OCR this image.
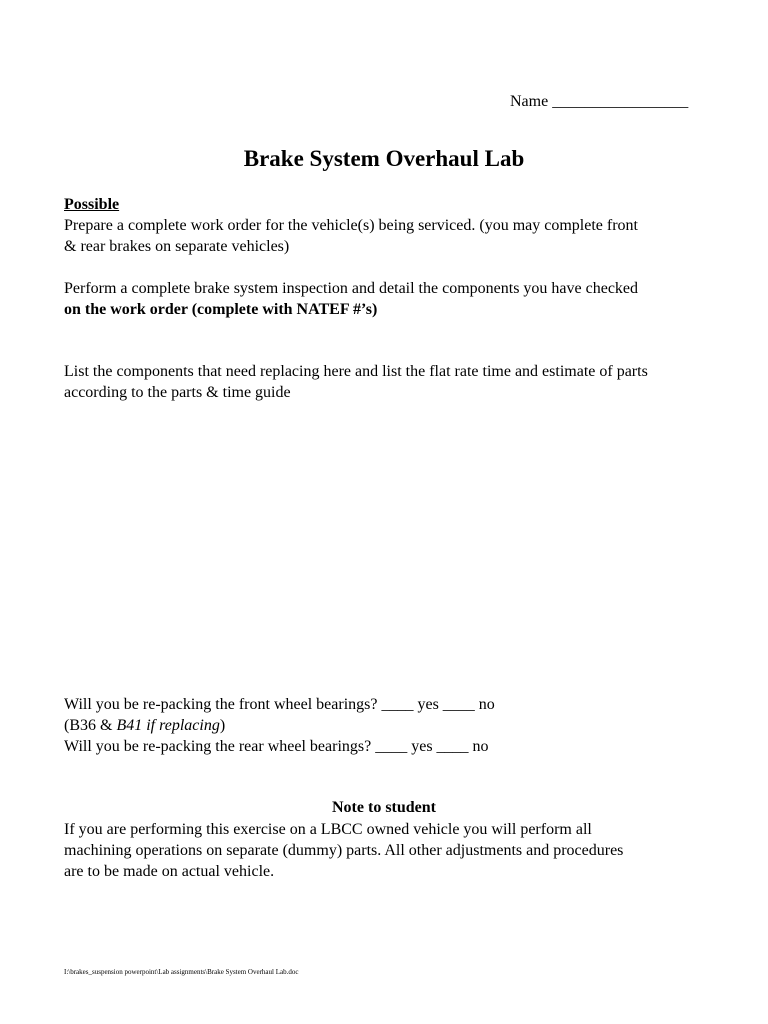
Name _________________
Brake System Overhaul Lab
Possible
Prepare a complete work order for the vehicle(s) being serviced. (you may complete front
& rear brakes on separate vehicles)
Perform a complete brake system inspection and detail the components you have checked
on the work order (complete with NATEF #’s)
List the components that need replacing here and list the flat rate time and estimate of parts
according to the parts & time guide
Will you be re-packing the front wheel bearings? ____ yes ____ no
(B36 & B41 if replacing)
Will you be re-packing the rear wheel bearings? ____ yes ____ no
Note to student
If you are performing this exercise on a LBCC owned vehicle you will perform all
machining operations on separate (dummy) parts. All other adjustments and procedures
are to be made on actual vehicle.
I:\brakes_suspension powerpoint\Lab assignments\Brake System Overhaul Lab.doc
